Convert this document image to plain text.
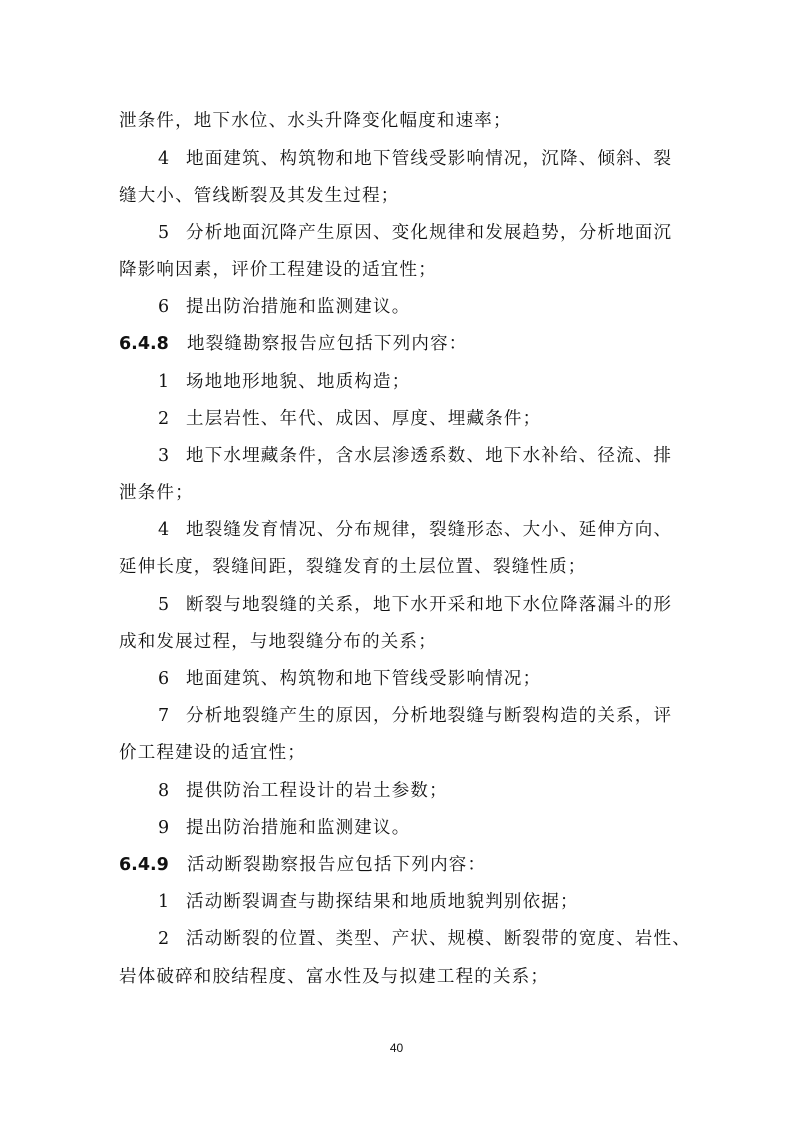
泄条件，地下水位、水头升降变化幅度和速率；
4 地面建筑、构筑物和地下管线受影响情况，沉降、倾斜、裂
缝大小、管线断裂及其发生过程；
5 分析地面沉降产生原因、变化规律和发展趋势，分析地面沉
降影响因素，评价工程建设的适宜性；
6 提出防治措施和监测建议。
6.4.8 地裂缝勘察报告应包括下列内容：
1 场地地形地貌、地质构造；
2 土层岩性、年代、成因、厚度、埋藏条件；
3 地下水埋藏条件，含水层渗透系数、地下水补给、径流、排
泄条件；
4 地裂缝发育情况、分布规律，裂缝形态、大小、延伸方向、
延伸长度，裂缝间距，裂缝发育的土层位置、裂缝性质；
5 断裂与地裂缝的关系，地下水开采和地下水位降落漏斗的形
成和发展过程，与地裂缝分布的关系；
6 地面建筑、构筑物和地下管线受影响情况；
7 分析地裂缝产生的原因，分析地裂缝与断裂构造的关系，评
价工程建设的适宜性；
8 提供防治工程设计的岩土参数；
9 提出防治措施和监测建议。
6.4.9 活动断裂勘察报告应包括下列内容：
1 活动断裂调查与勘探结果和地质地貌判别依据；
2 活动断裂的位置、类型、产状、规模、断裂带的宽度、岩性、
岩体破碎和胶结程度、富水性及与拟建工程的关系；
40
